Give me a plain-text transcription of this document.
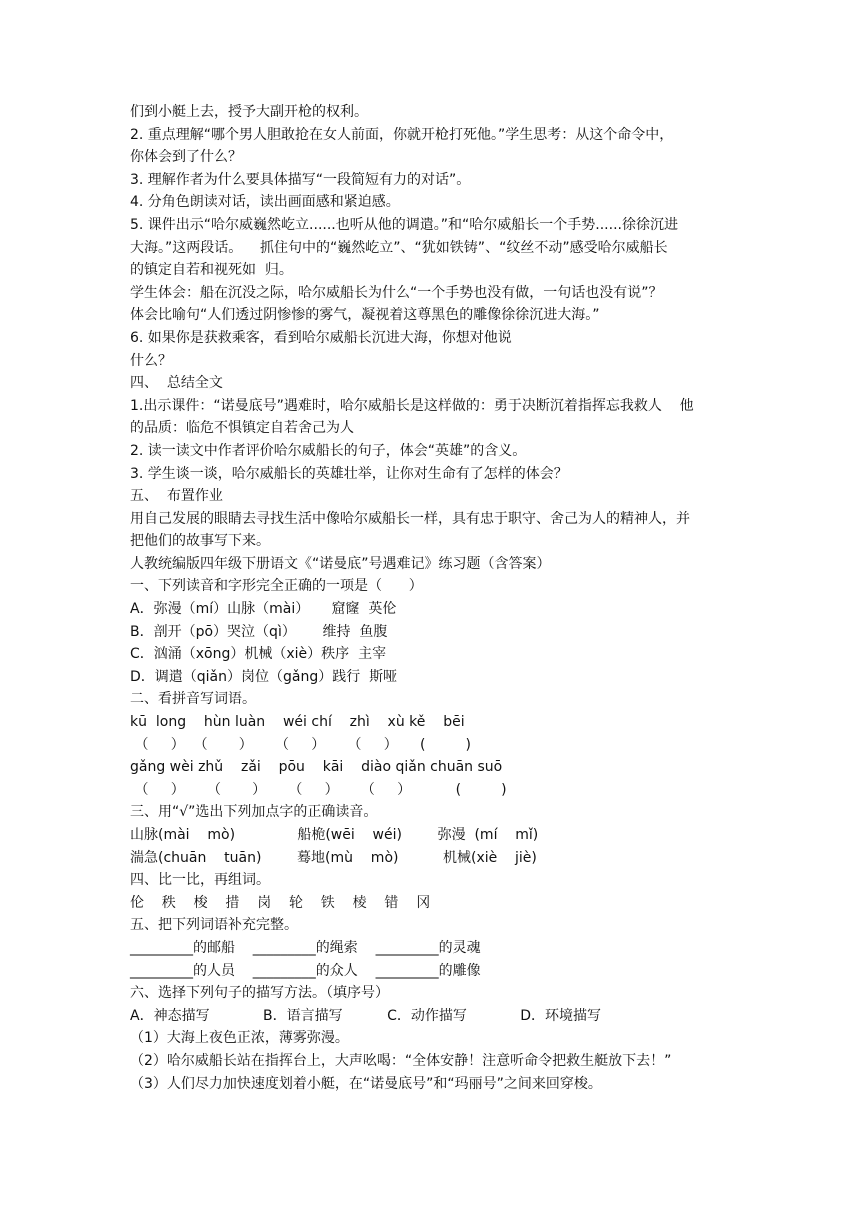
们到小艇上去，授予大副开枪的权利。
2. 重点理解“哪个男人胆敢抢在女人前面，你就开枪打死他。”学生思考：从这个命令中，
你体会到了什么？
3. 理解作者为什么要具体描写“一段简短有力的对话”。
4. 分角色朗读对话，读出画面感和紧迫感。
5. 课件出示“哈尔威巍然屹立......也听从他的调遣。”和“哈尔威船长一个手势......徐徐沉进
大海。”这两段话。    抓住句中的“巍然屹立”、“犹如铁铸”、“纹丝不动”感受哈尔威船长
的镇定自若和视死如  归。
学生体会：船在沉没之际，哈尔威船长为什么“一个手势也没有做，一句话也没有说”？
体会比喻句“人们透过阴惨惨的雾气，凝视着这尊黑色的雕像徐徐沉进大海。”
6. 如果你是获救乘客，看到哈尔威船长沉进大海，你想对他说
什么？
四、  总结全文
1.出示课件：“诺曼底号”遇难时，哈尔威船长是这样做的：勇于决断沉着指挥忘我救人    他
的品质：临危不惧镇定自若舍己为人
2. 读一读文中作者评价哈尔威船长的句子，体会“英雄”的含义。
3. 学生谈一谈，哈尔威船长的英雄壮举，让你对生命有了怎样的体会？
五、  布置作业
用自己发展的眼睛去寻找生活中像哈尔威船长一样，具有忠于职守、舍己为人的精神人，并
把他们的故事写下来。
人教统编版四年级下册语文《“诺曼底”号遇难记》练习题（含答案）
一、下列读音和字形完全正确的一项是（      ）
A．弥漫（mí）山脉（mài）     窟窿  英伦
B．剖开（pō）哭泣（qì）      维持  鱼腹
C．汹涌（xōng）机械（xiè）秩序  主宰
D．调遣（qiǎn）岗位（gǎng）践行  斯哑
二、看拼音写词语。
kū  long    hùn luàn    wéi chí    zhì    xù kě    bēi
（     ）  （       ）     （     ）     （     ）     (         )
gǎng wèi zhǔ    zǎi    pōu    kāi    diào qiǎn chuān suō
（     ）     （       ）     （     ）     （     ）          (         )
三、用“√”选出下列加点字的正确读音。
山脉(mài    mò)              船桅(wēi    wéi)        弥漫  (mí    mǐ)
湍急(chuān    tuān)        蓦地(mù    mò)          机械(xiè    jiè)
四、比一比，再组词。
伦    秩    梭    措    岗    轮    铁    棱    错    冈
五、把下列词语补充完整。
_________的邮船    _________的绳索    _________的灵魂
_________的人员    _________的众人    _________的雕像
六、选择下列句子的描写方法。（填序号）
A．神态描写            B．语言描写          C．动作描写            D．环境描写
（1）大海上夜色正浓，薄雾弥漫。
（2）哈尔威船长站在指挥台上，大声吆喝：“全体安静！注意听命令把救生艇放下去！”
（3）人们尽力加快速度划着小艇，在“诺曼底号”和“玛丽号”之间来回穿梭。
